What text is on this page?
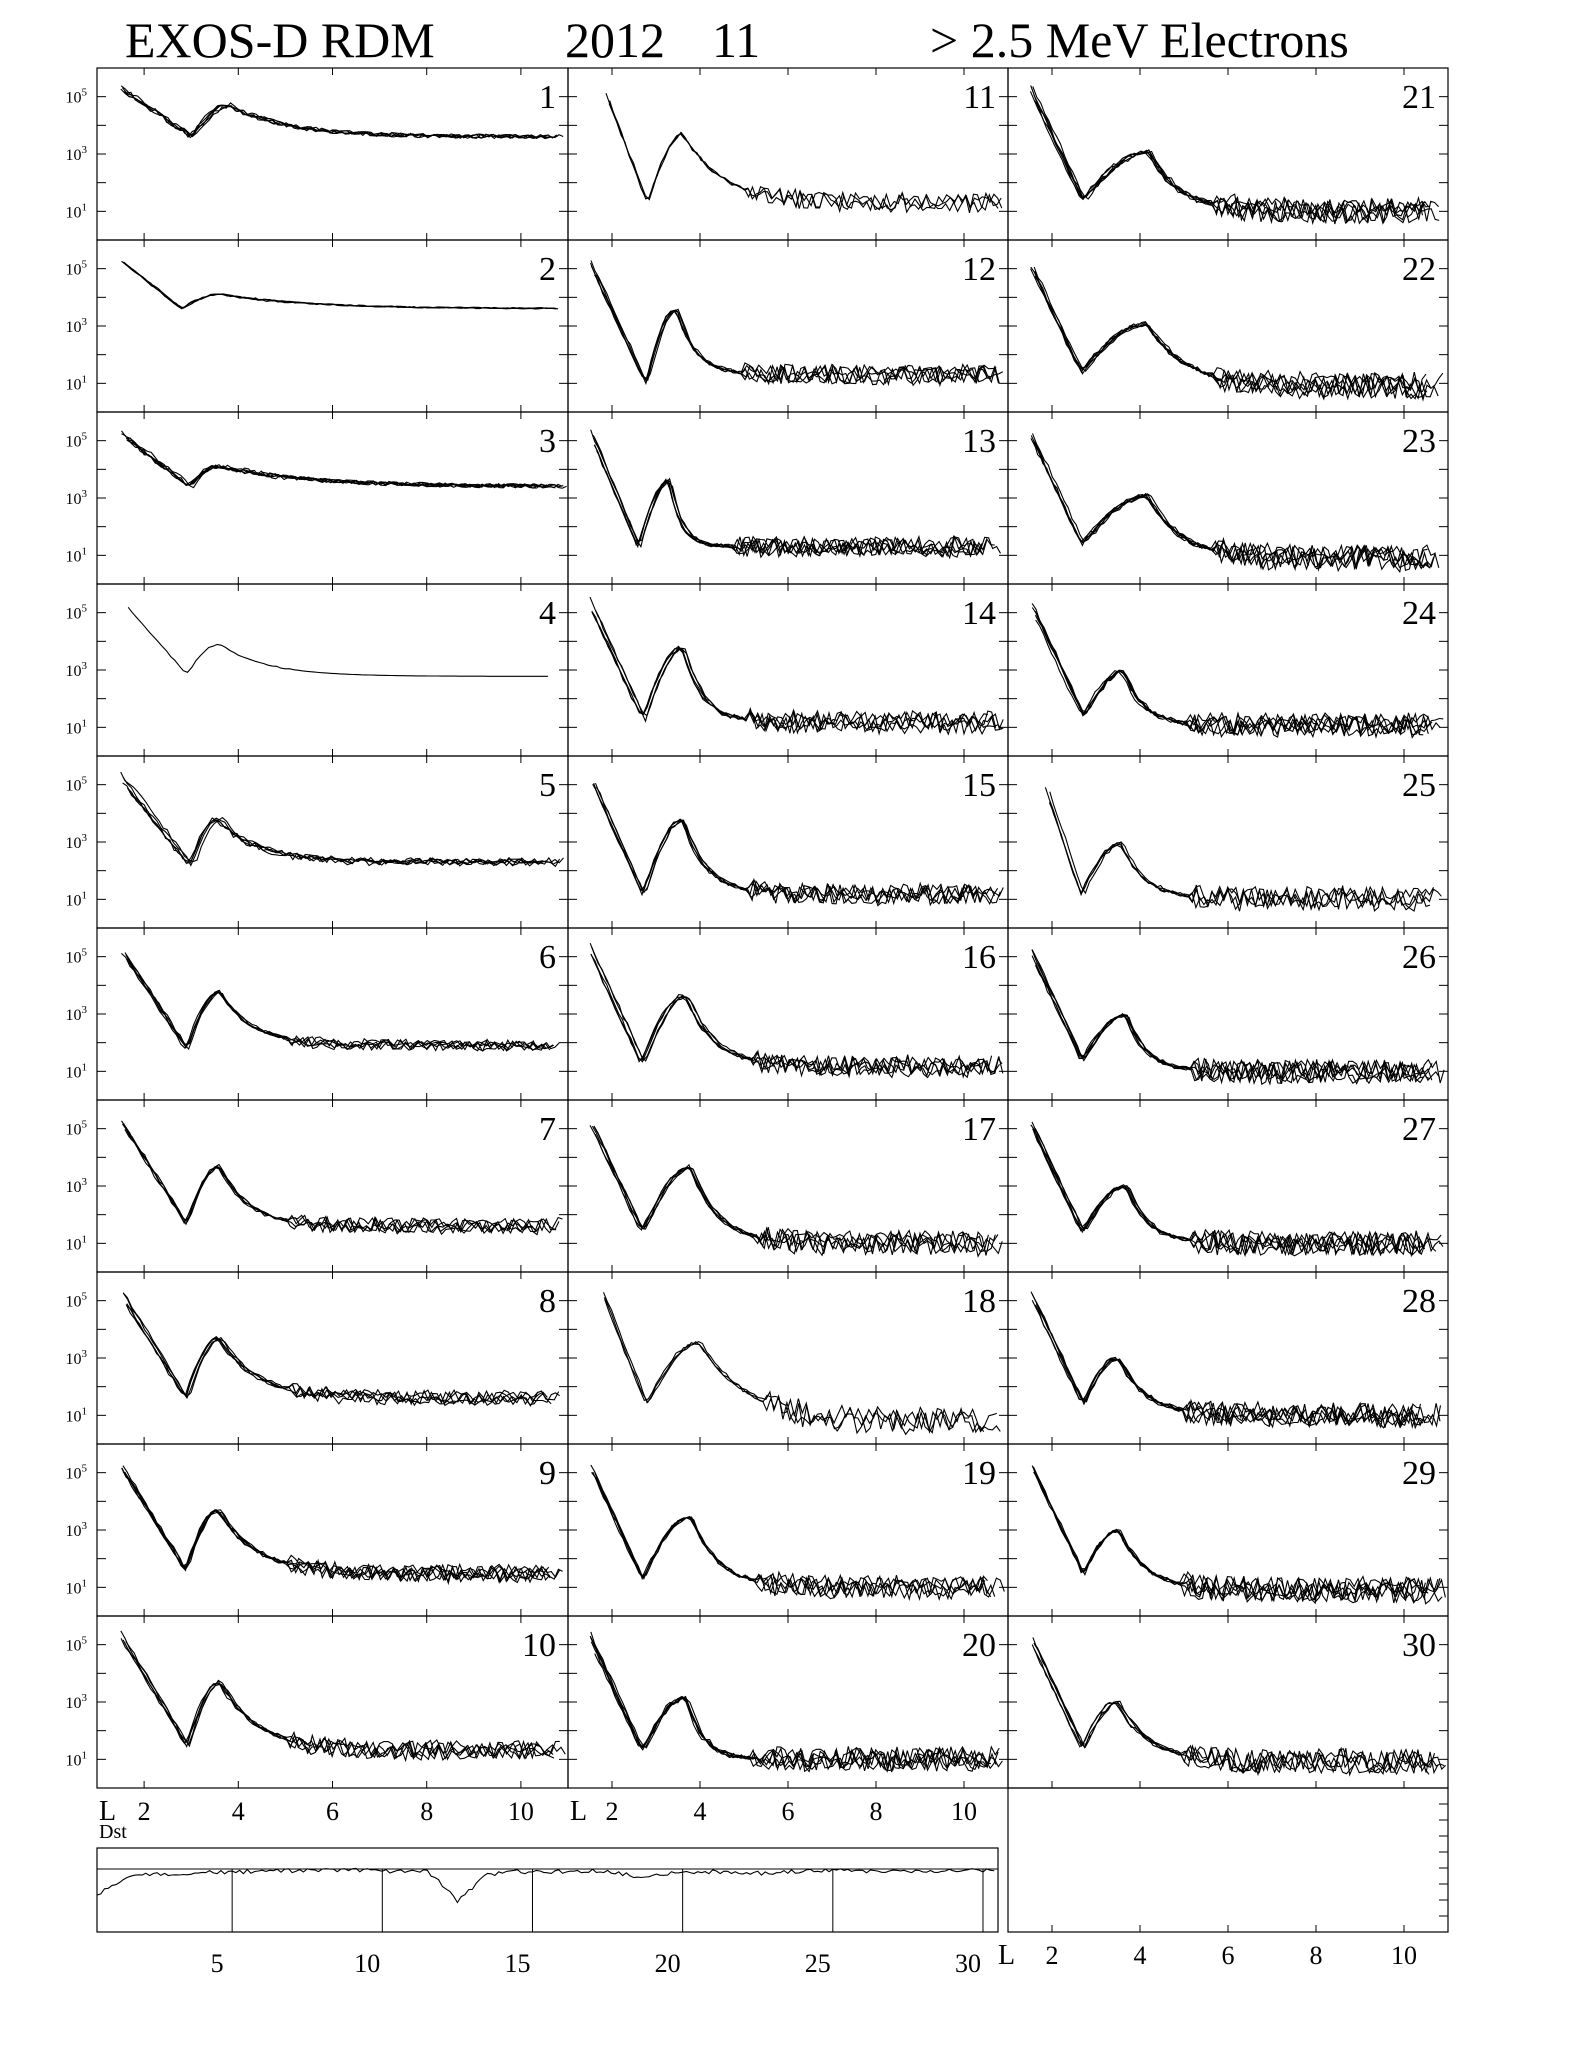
EXOS-D RDM	2012 11	> 2.5 MeV Electrons
$10^1$
$10^3$
$10^5$	1
$10^1$
$10^3$
$10^5$	2
$10^1$
$10^3$
$10^5$	3
$10^1$
$10^3$
$10^5$	4
$10^1$
$10^3$
$10^5$	5
$10^1$
$10^3$
$10^5$	6
$10^1$
$10^3$
$10^5$	7
$10^1$
$10^3$
$10^5$	8
$10^1$
$10^3$
$10^5$	9
$10^1$
$10^3$
$10^5$	10
11
12
13
14
15
16
17
18
19
20
21
22
23
24
25
26
27
28
29
30
L 2	4	6	8	10 L 2	4	6	8	10
L 2	4	6	8	10
Dst
5	10	15	20	25	30
